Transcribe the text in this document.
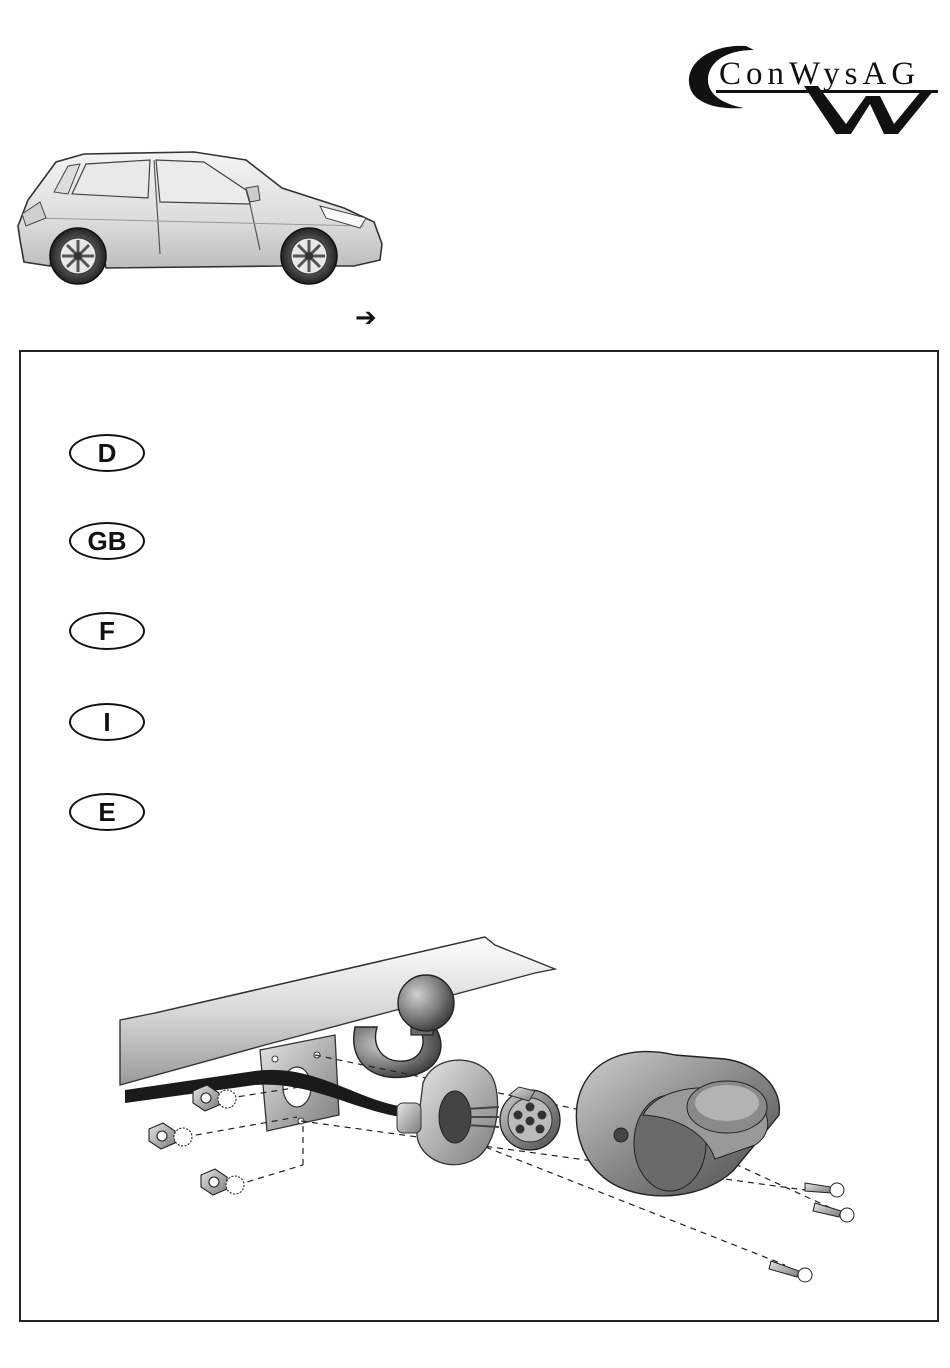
ConWysAG
➔
D
GB
F
I
E
